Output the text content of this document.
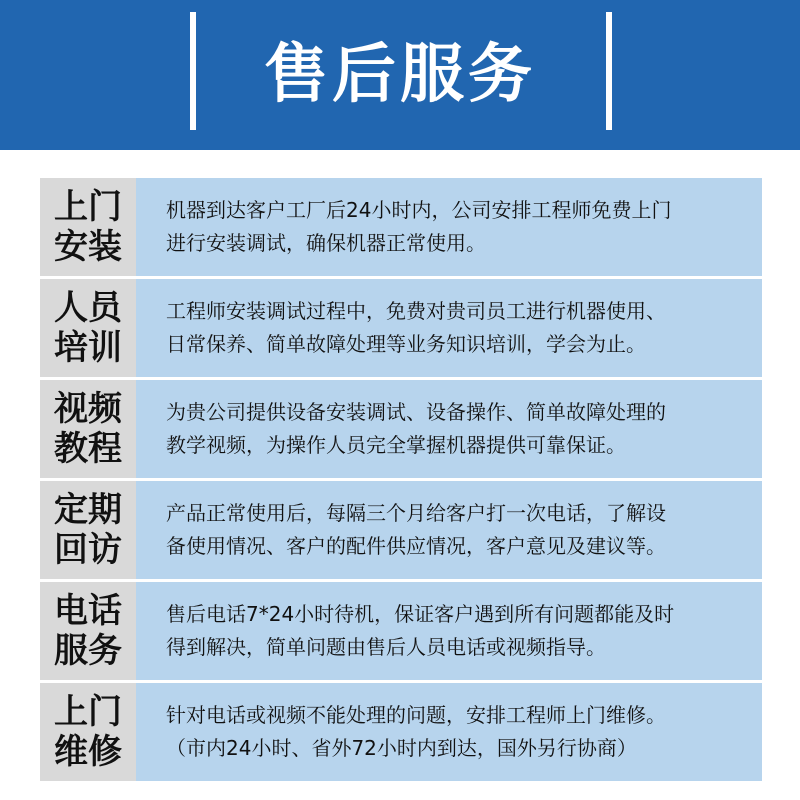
售后服务
上门
安装
机器到达客户工厂后24小时内，公司安排工程师免费上门
进行安装调试，确保机器正常使用。
人员
培训
工程师安装调试过程中，免费对贵司员工进行机器使用、
日常保养、简单故障处理等业务知识培训，学会为止。
视频
教程
为贵公司提供设备安装调试、设备操作、简单故障处理的
教学视频，为操作人员完全掌握机器提供可靠保证。
定期
回访
产品正常使用后，每隔三个月给客户打一次电话，了解设
备使用情况、客户的配件供应情况，客户意见及建议等。
电话
服务
售后电话7*24小时待机，保证客户遇到所有问题都能及时
得到解决，简单问题由售后人员电话或视频指导。
上门
维修
针对电话或视频不能处理的问题，安排工程师上门维修。
（市内24小时、省外72小时内到达，国外另行协商）
